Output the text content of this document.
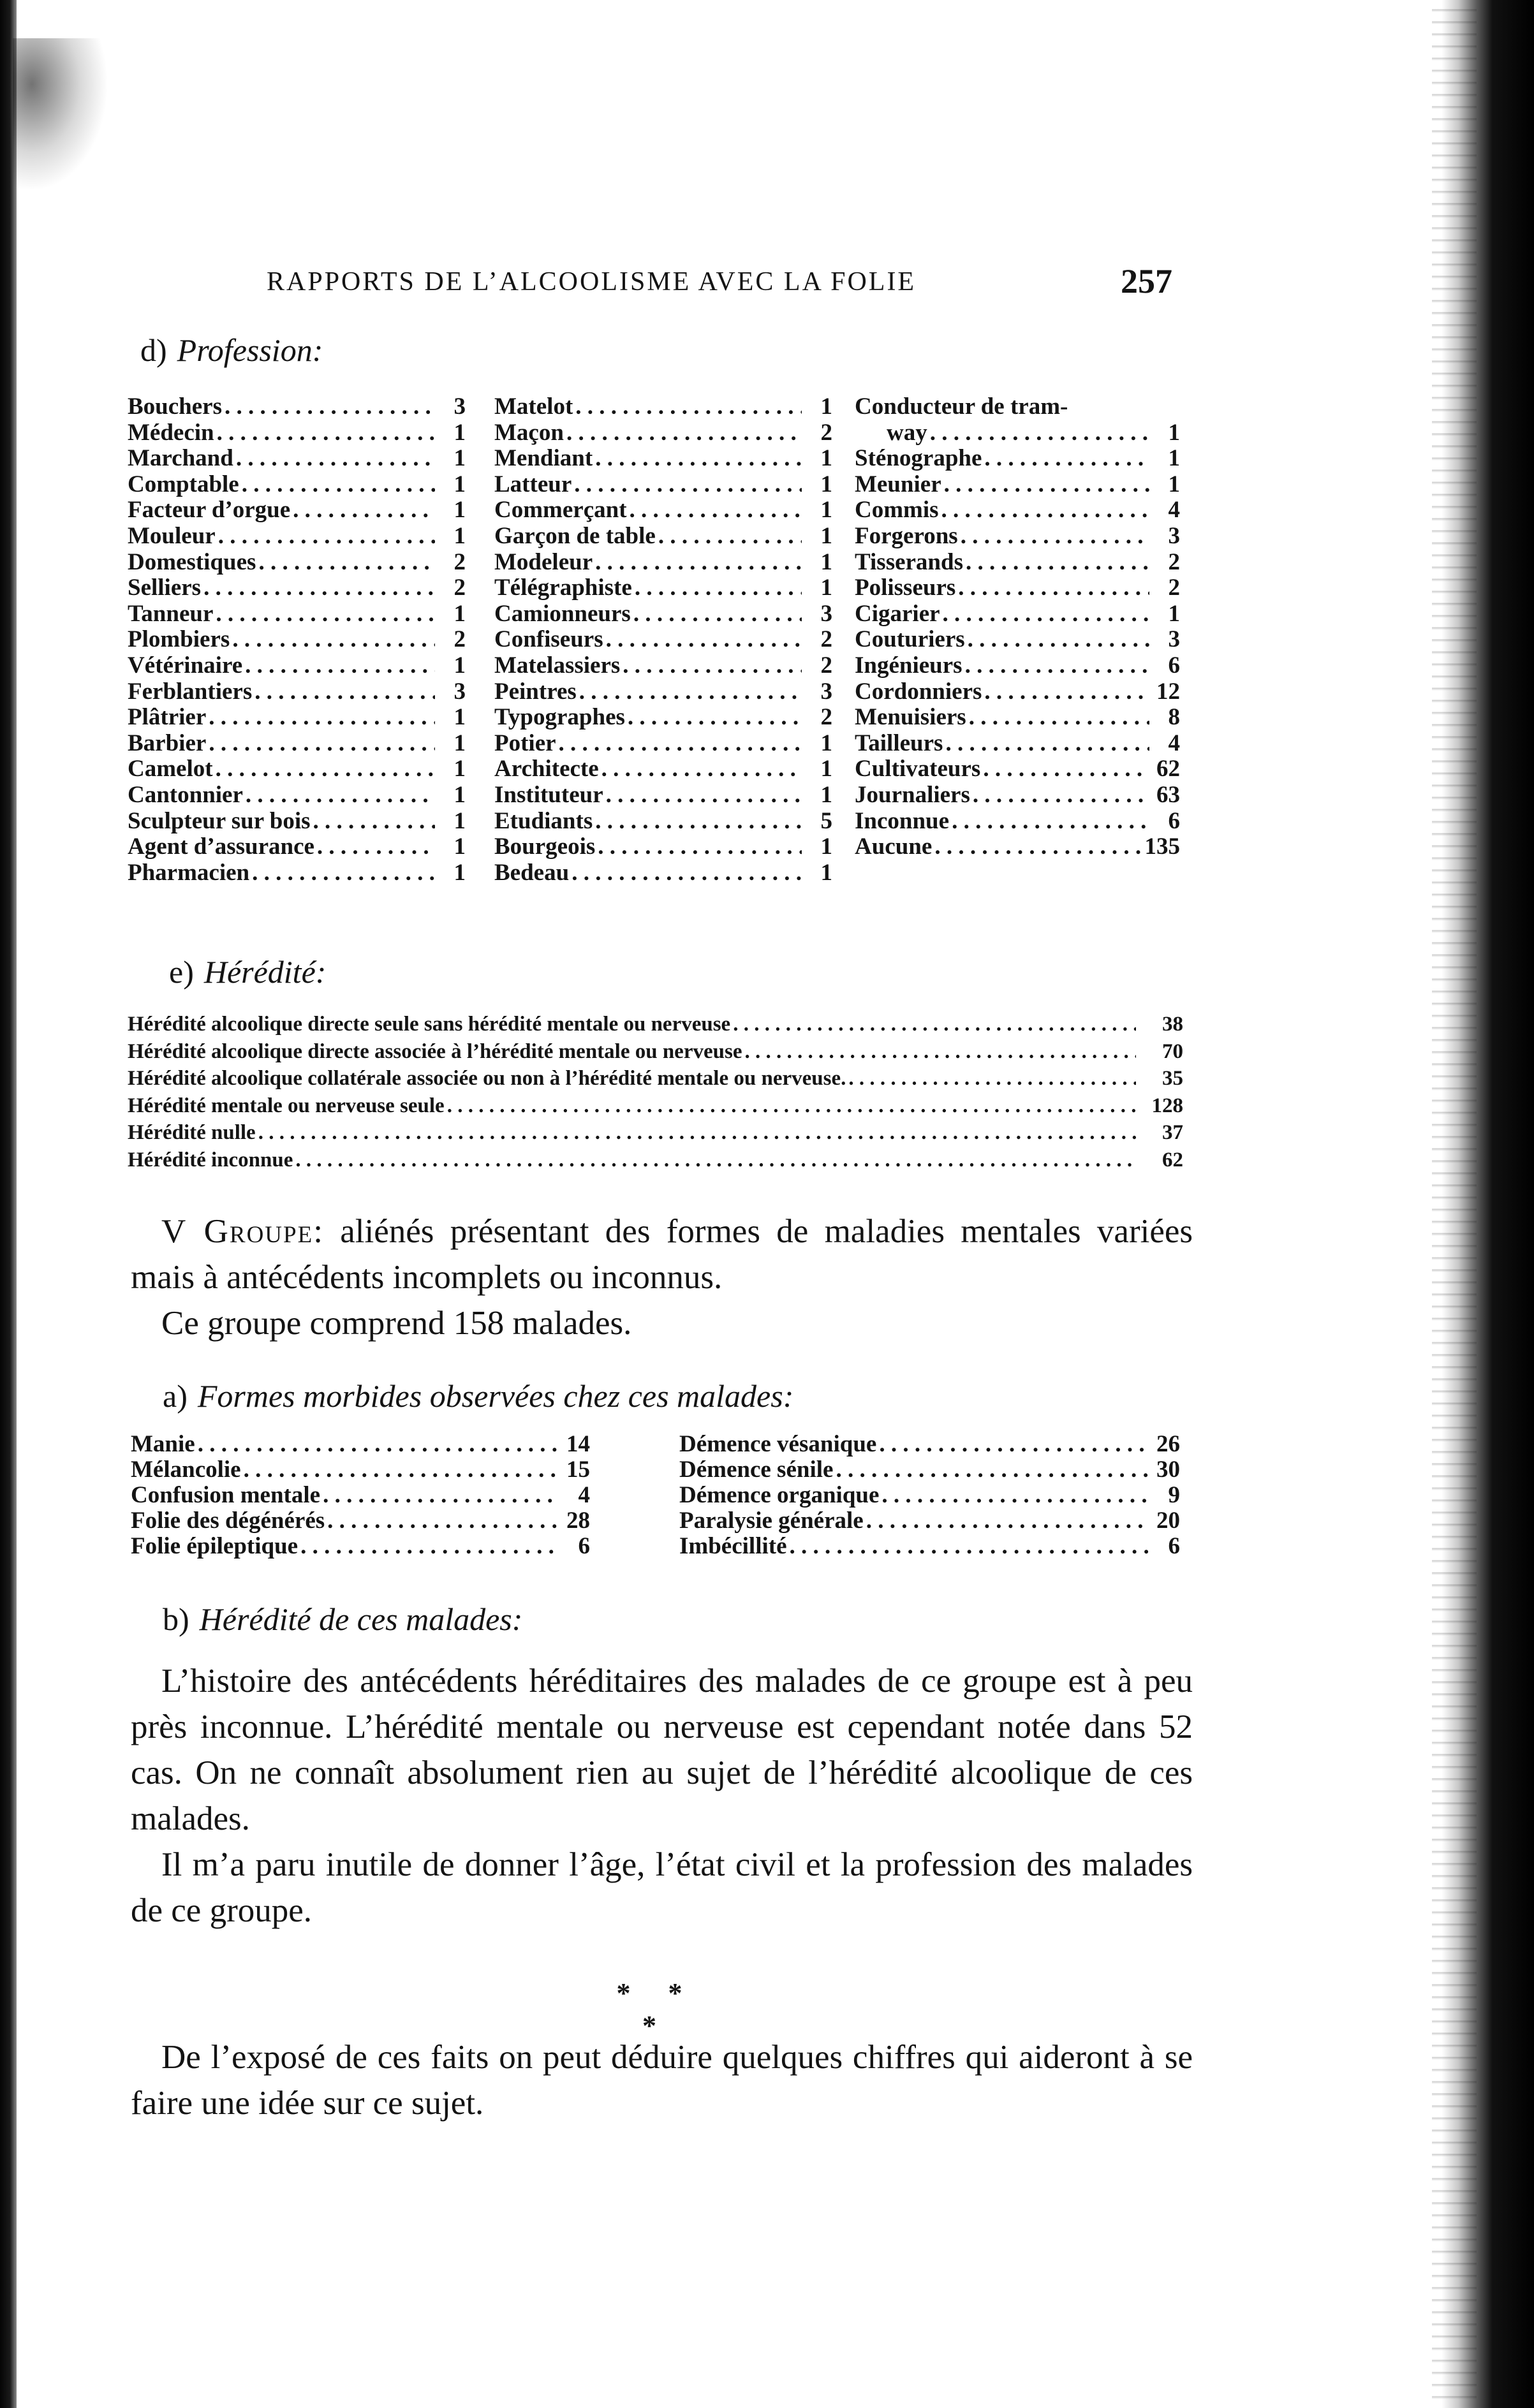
RAPPORTS DE L’ALCOOLISME AVEC LA FOLIE	257
d) Profession:
Bouchers . . .	3
Médecin . . .	1
Marchand . . .	1
Comptable . . .	1
Facteur d’orgue . . .	1
Mouleur . . .	1
Domestiques . . .	2
Selliers . . .	2
Tanneur . . .	1
Plombiers . . .	2
Vétérinaire . . .	1
Ferblantiers . . .	3
Plâtrier . . .	1
Barbier . . .	1
Camelot . . .	1
Cantonnier . . .	1
Sculpteur sur bois . . .	1
Agent d’assurance . . .	1
Pharmacien . . .	1
Matelot . . .	1
Maçon . . .	2
Mendiant . . .	1
Latteur . . .	1
Commerçant . . .	1
Garçon de table . . .	1
Modeleur . . .	1
Télégraphiste . . .	1
Camionneurs . . .	3
Confiseurs . . .	2
Matelassiers . . .	2
Peintres . . .	3
Typographes . . .	2
Potier . . .	1
Architecte . . .	1
Instituteur . . .	1
Etudiants . . .	5
Bourgeois . . .	1
Bedeau . . .	1
Conducteur de tram-
way . . .	1
Sténographe . . .	1
Meunier . . .	1
Commis . . .	4
Forgerons . . .	3
Tisserands . . .	2
Polisseurs . . .	2
Cigarier . . .	1
Couturiers . . .	3
Ingénieurs . . .	6
Cordonniers . . .	12
Menuisiers . . .	8
Tailleurs . . .	4
Cultivateurs . . .	62
Journaliers . . .	63
Inconnue . . .	6
Aucune . . .	135
e) Hérédité:
Hérédité alcoolique directe seule sans hérédité mentale ou nerveuse . . .	38
Hérédité alcoolique directe associée à l’hérédité mentale ou nerveuse . . .	70
Hérédité alcoolique collatérale associée ou non à l’hérédité mentale ou nerveuse. . . .	35
Hérédité mentale ou nerveuse seule . . .	128
Hérédité nulle . . .	37
Hérédité inconnue . . .	62

V Groupe: aliénés présentant des formes de maladies mentales variées mais à antécédents incomplets ou inconnus.

Ce groupe comprend 158 malades.

a) Formes morbides observées chez ces malades:
Manie . . .	14
Mélancolie . . .	15
Confusion mentale . . .	4
Folie des dégénérés . . .	28
Folie épileptique . . .	6
Démence vésanique . . .	26
Démence sénile . . .	30
Démence organique . . .	9
Paralysie générale . . .	20
Imbécillité . . .	6
b) Hérédité de ces malades:

L’histoire des antécédents héréditaires des malades de ce groupe est à peu près inconnue. L’hérédité mentale ou nerveuse est cependant notée dans 52 cas. On ne connaît absolument rien au sujet de l’hérédité alcoolique de ces malades.

Il m’a paru inutile de donner l’âge, l’état civil et la profession des malades de ce groupe.

* * *

De l’exposé de ces faits on peut déduire quelques chiffres qui aideront à se faire une idée sur ce sujet.
